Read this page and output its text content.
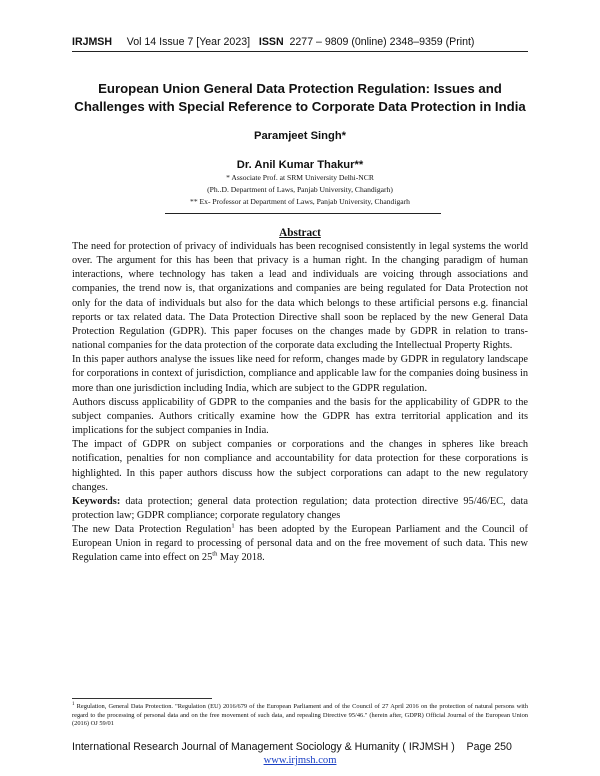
IRJMSH Vol 14 Issue 7 [Year 2023] ISSN 2277 – 9809 (0nline) 2348–9359 (Print)
European Union General Data Protection Regulation: Issues and
Challenges with Special Reference to Corporate Data Protection in India
Paramjeet Singh*
Dr. Anil Kumar Thakur**
* Associate Prof. at SRM University Delhi-NCR
(Ph..D. Department of Laws, Panjab University, Chandigarh)
** Ex- Professor at Department of Laws, Panjab University, Chandigarh
Abstract

The need for protection of privacy of individuals has been recognised consistently in legal systems the world over. The argument for this has been that privacy is a human right. In the changing paradigm of human interactions, where technology has taken a lead and individuals are voicing through associations and companies, the trend now is, that organizations and companies are being regulated for Data Protection not only for the data of individuals but also for the data which belongs to these artificial persons e.g. financial reports or tax related data. The Data Protection Directive shall soon be replaced by the new General Data Protection Regulation (GDPR). This paper focuses on the changes made by GDPR in relation to trans-national companies for the data protection of the corporate data excluding the Intellectual Property Rights.

In this paper authors analyse the issues like need for reform, changes made by GDPR in regulatory landscape for corporations in context of jurisdiction, compliance and applicable law for the companies doing business in more than one jurisdiction including India, which are subject to the GDPR regulation.

Authors discuss applicability of GDPR to the companies and the basis for the applicability of GDPR to the subject companies. Authors critically examine how the GDPR has extra territorial application and its implications for the subject companies in India.

The impact of GDPR on subject companies or corporations and the changes in spheres like breach notification, penalties for non compliance and accountability for data protection for these corporations is highlighted. In this paper authors discuss how the subject corporations can adapt to the new regulatory changes.

Keywords: data protection; general data protection regulation; data protection directive 95/46/EC, data protection law; GDPR compliance; corporate regulatory changes

The new Data Protection Regulation$^1$ has been adopted by the European Parliament and the Council of European Union in regard to processing of personal data and on the free movement of such data. This new Regulation came into effect on 25th May 2018.

$^1$ Regulation, General Data Protection. "Regulation (EU) 2016/679 of the European Parliament and of the Council of 27 April 2016 on the protection of natural persons with regard to the processing of personal data and on the free movement of such data, and repealing Directive 95/46." (herein after, GDPR) Official Journal of the European Union (2016) OJ 59/01
International Research Journal of Management Sociology & Humanity ( IRJMSH ) Page 250
www.irjmsh.com
